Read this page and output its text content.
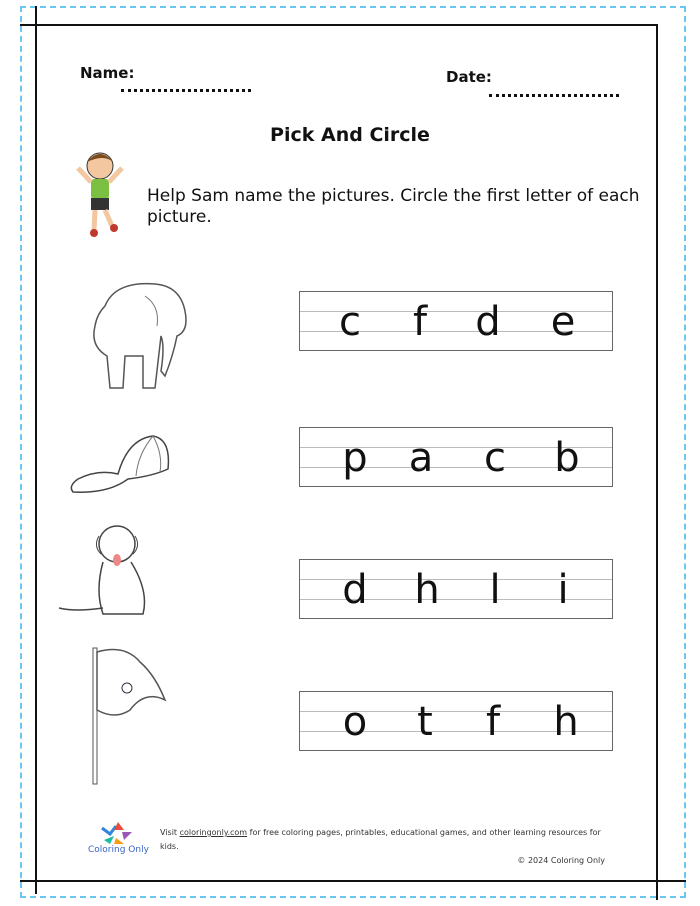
Name:	Date:
Pick And Circle
Help Sam name the pictures. Circle the first letter of each picture.
c	f	d e
p a c b
d h	l	i
o	t	f	h
Coloring Only
Visit coloringonly.com for free coloring pages, printables, educational games, and other learning resources for kids.
© 2024 Coloring Only
